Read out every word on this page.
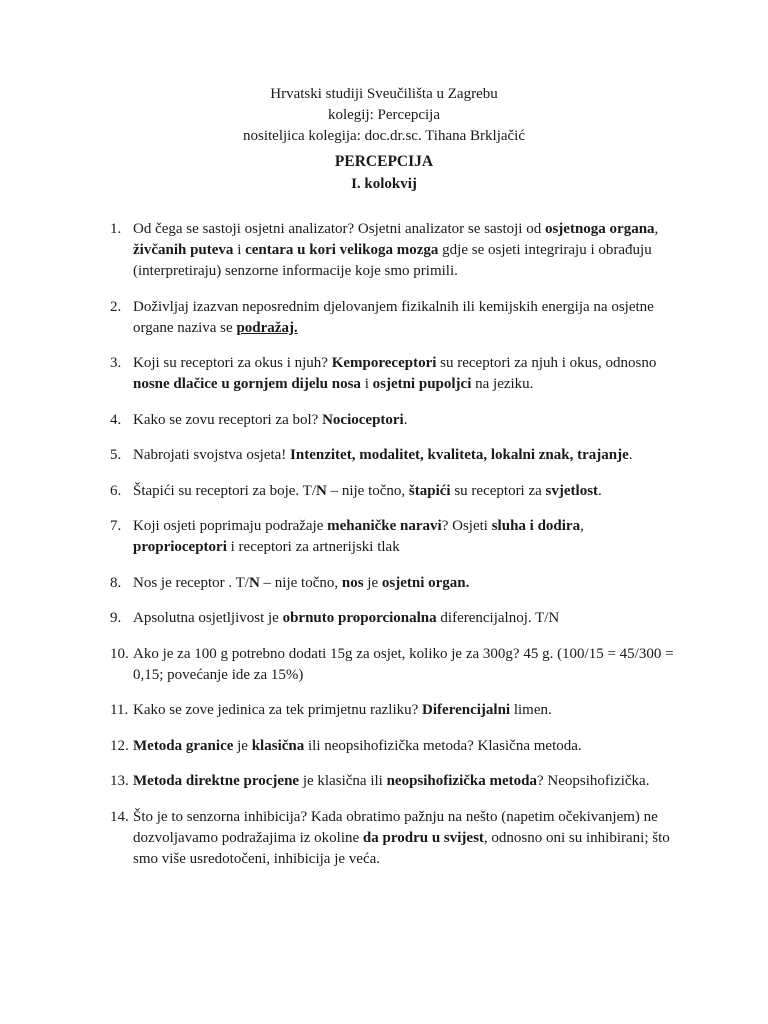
Hrvatski studiji Sveučilišta u Zagrebu
kolegij: Percepcija
nositeljica kolegija: doc.dr.sc. Tihana Brkljačić
PERCEPCIJA
I. kolokvij
1. Od čega se sastoji osjetni analizator? Osjetni analizator se sastoji od osjetnoga organa, živčanih puteva i centara u kori velikoga mozga gdje se osjeti integriraju i obrađuju (interpretiraju) senzorne informacije koje smo primili.
2. Doživljaj izazvan neposrednim djelovanjem fizikalnih ili kemijskih energija na osjetne organe naziva se podražaj.
3. Koji su receptori za okus i njuh? Kemporeceptori su receptori za njuh i okus, odnosno nosne dlačice u gornjem dijelu nosa i osjetni pupoljci na jeziku.
4. Kako se zovu receptori za bol? Nocioceptori.
5. Nabrojati svojstva osjeta! Intenzitet, modalitet, kvaliteta, lokalni znak, trajanje.
6. Štapići su receptori za boje. T/N – nije točno, štapići su receptori za svjetlost.
7. Koji osjeti poprimaju podražaje mehaničke naravi? Osjeti sluha i dodira, proprioceptori i receptori za artnerijski tlak
8. Nos je receptor . T/N – nije točno, nos je osjetni organ.
9. Apsolutna osjetljivost je obrnuto proporcionalna diferencijalnoj. T/N
10. Ako je za 100 g potrebno dodati 15g za osjet, koliko je za 300g? 45 g. (100/15 = 45/300 = 0,15; povećanje ide za 15%)
11. Kako se zove jedinica za tek primjetnu razliku? Diferencijalni limen.
12. Metoda granice je klasična ili neopsihofizička metoda? Klasična metoda.
13. Metoda direktne procjene je klasična ili neopsihofizička metoda? Neopsihofizička.
14. Što je to senzorna inhibicija? Kada obratimo pažnju na nešto (napetim očekivanjem) ne dozvoljavamo podražajima iz okoline da prodru u svijest, odnosno oni su inhibirani; što smo više usredotočeni, inhibicija je veća.
